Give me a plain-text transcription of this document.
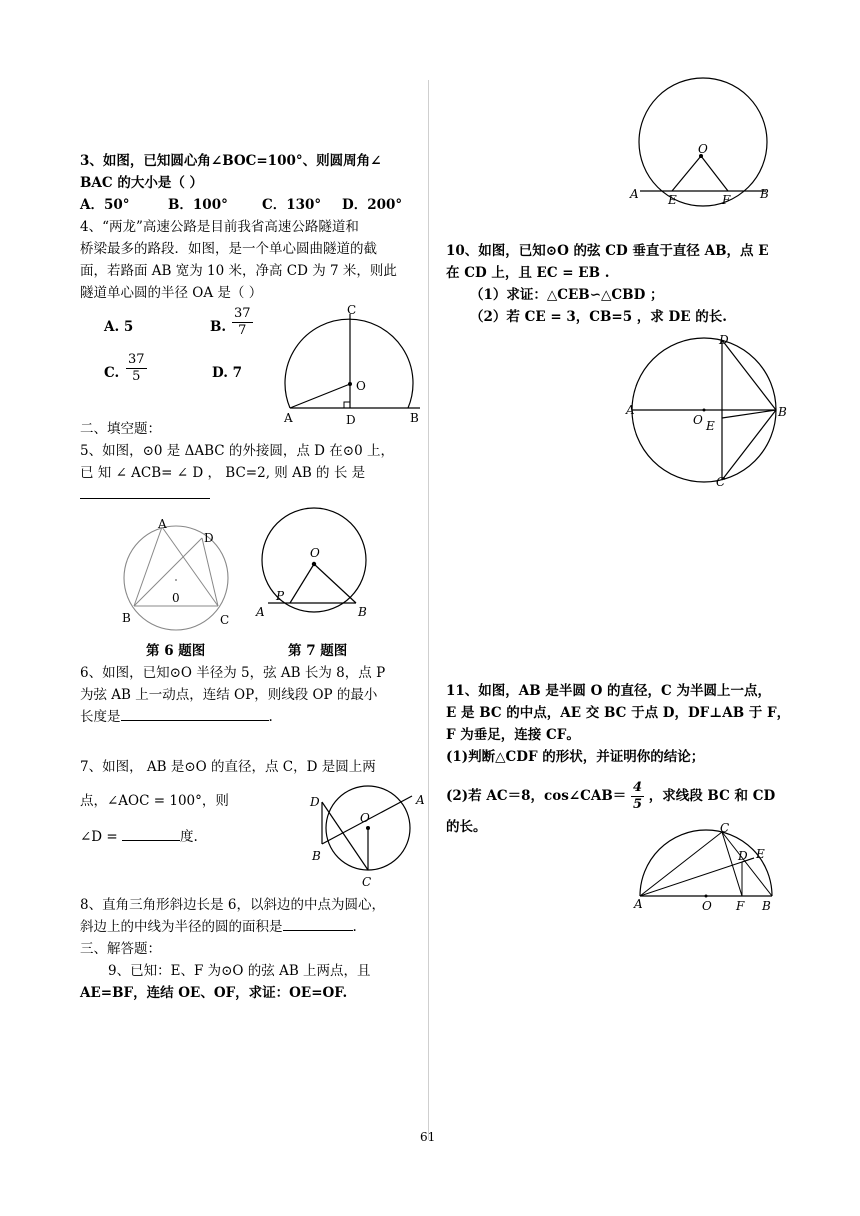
3、如图，已知圆心角∠BOC=100°、则圆周角∠
BAC 的大小是（ ）
A．50°	B．100°	C．130° D．200°
4、“两龙”高速公路是目前我省高速公路隧道和
桥梁最多的路段．如图，是一个单心圆曲隧道的截
面，若路面 AB 宽为 10 米，净高 CD 为 7 米，则此
隧道单心圆的半径 OA 是（ ）
A. 5	B. $\frac{37}{7}$
C. $\frac{37}{5}$	D. 7
C
O
A	D	B
二、填空题：
5、如图，⊙0 是 ΔABC 的外接圆，点 D 在⊙0 上，
已 知 ∠ ACB= ∠ D ， BC=2, 则 AB 的 长 是
A
D
B	C
0
O
P
A	B
第 6 题图	第 7 题图
6、如图，已知⊙O 半径为 5，弦 AB 长为 8，点 P
为弦 AB 上一动点，连结 OP，则线段 OP 的最小
长度是	.
7、如图， AB 是⊙O 的直径，点 C，D 是圆上两
点，∠AOC = 100°，则
∠D =	度.
D	A
O
B
C
8、直角三角形斜边长是 6，以斜边的中点为圆心，
斜边上的中线为半径的圆的面积是	.
三、解答题：
9、已知：E、F 为⊙O 的弦 AB 上两点，且
AE=BF，连结 OE、OF，求证：OE=OF.
O
A E	F B
10、如图，已知⊙O 的弦 CD 垂直于直径 AB，点 E
在 CD 上，且 EC = EB .
（1）求证：△CEB∽△CBD ；
（2）若 CE = 3，CB=5 ，求 DE 的长.
D
A
O E
B
C
11、如图，AB 是半圆 O 的直径，C 为半圆上一点，
E 是 BC 的中点，AE 交 BC 于点 D，DF⊥AB 于 F，
F 为垂足，连接 CF。
(1)判断△CDF 的形状，并证明你的结论；
(2)若 AC＝8，cos∠CAB＝ $\frac{4}{5}$ ，求线段 BC 和 CD
的长。	C
D E
A	O F B
61
